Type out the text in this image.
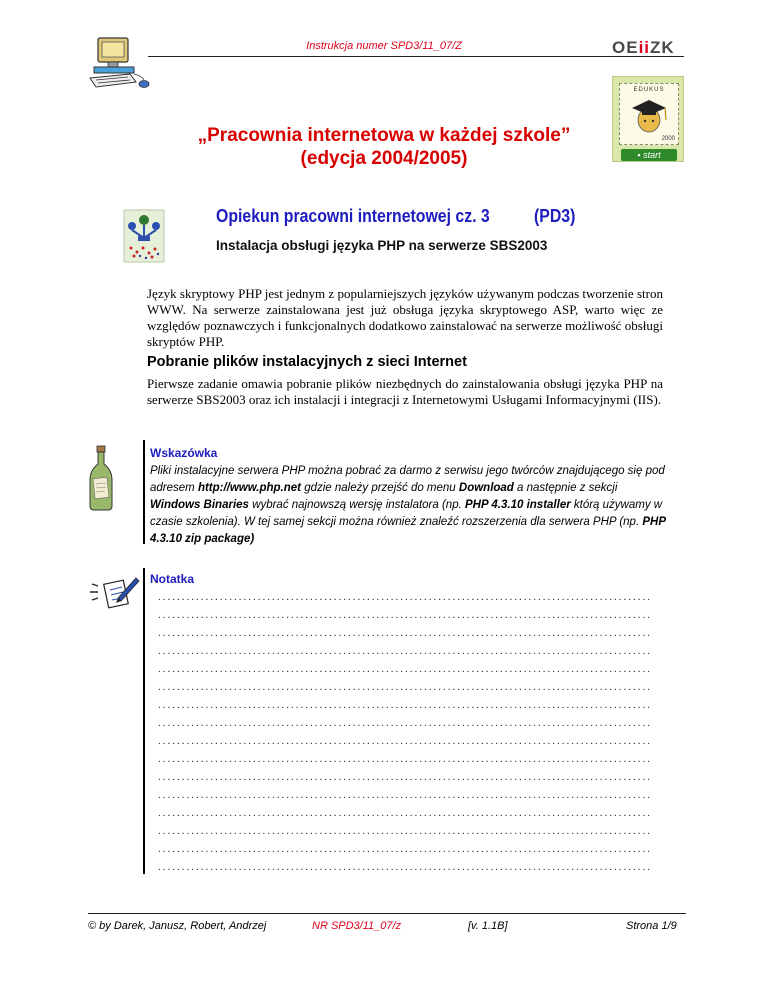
Instrukcja numer SPD3/11_07/Z	OEiiZK
EDUKUS
2000
▪ start
„Pracownia internetowa w każdej szkole”
(edycja 2004/2005)
Opiekun pracowni internetowej cz. 3 (PD3)
Instalacja obsługi języka PHP na serwerze SBS2003
Język skryptowy PHP jest jednym z popularniejszych języków używanym podczas tworzenie stron WWW. Na serwerze zainstalowana jest już obsługa języka skryptowego ASP, warto więc ze względów poznawczych i funkcjonalnych dodatkowo zainstalować na serwerze możliwość obsługi skryptów PHP.
Pobranie plików instalacyjnych z sieci Internet
Pierwsze zadanie omawia pobranie plików niezbędnych do zainstalowania obsługi języka PHP na serwerze SBS2003 oraz ich instalacji i integracji z Internetowymi Usługami Informacyjnymi (IIS).
Wskazówka
Pliki instalacyjne serwera PHP można pobrać za darmo z serwisu jego twórców znajdującego się pod adresem http://www.php.net gdzie należy przejść do menu Download a następnie z sekcji Windows Binaries wybrać najnowszą wersję instalatora (np. PHP 4.3.10 installer którą używamy w czasie szkolenia). W tej samej sekcji można również znaleźć rozszerzenia dla serwera PHP (np. PHP 4.3.10 zip package)
Notatka
........................................................................................................
........................................................................................................
........................................................................................................
........................................................................................................
........................................................................................................
........................................................................................................
........................................................................................................
........................................................................................................
........................................................................................................
........................................................................................................
........................................................................................................
........................................................................................................
........................................................................................................
........................................................................................................
........................................................................................................
........................................................................................................
© by Darek, Janusz, Robert, Andrzej	NR SPD3/11_07/z	[v. 1.1B]	Strona 1/9
